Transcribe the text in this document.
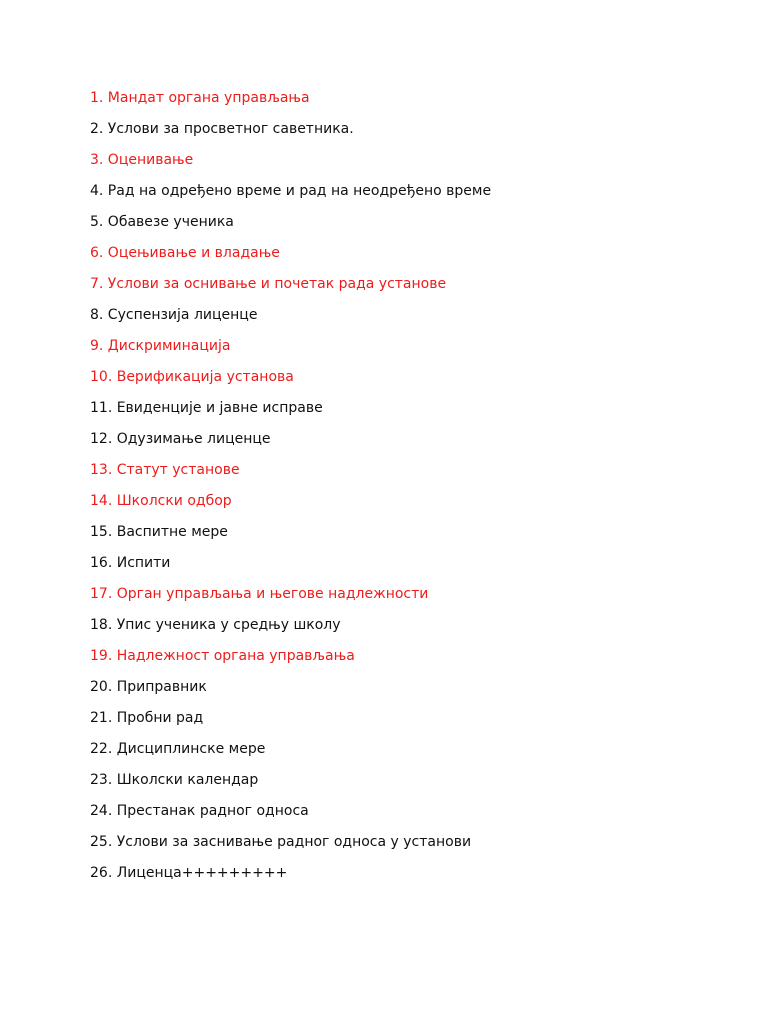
1. Мандат органа управљања
2. Услови за просветног саветника.
3. Оценивање
4. Рад на одређено време и рад на неодређено време
5. Обавезе ученика
6. Оцењивање и владање
7. Услови за оснивање и почетак рада установе
8. Суспензија лиценце
9. Дискриминација
10. Верификација установа
11. Евиденције и јавне исправе
12. Одузимање лиценце
13. Статут установе
14. Школски одбор
15. Васпитне мере
16. Испити
17. Орган управљања и његове надлежности
18. Упис ученика у средњу школу
19. Надлежност органа управљања
20. Приправник
21. Пробни рад
22. Дисциплинске мере
23. Школски календар
24. Престанак радног односа
25. Услови за заснивање радног односа у установи
26. Лиценца+++++++++
